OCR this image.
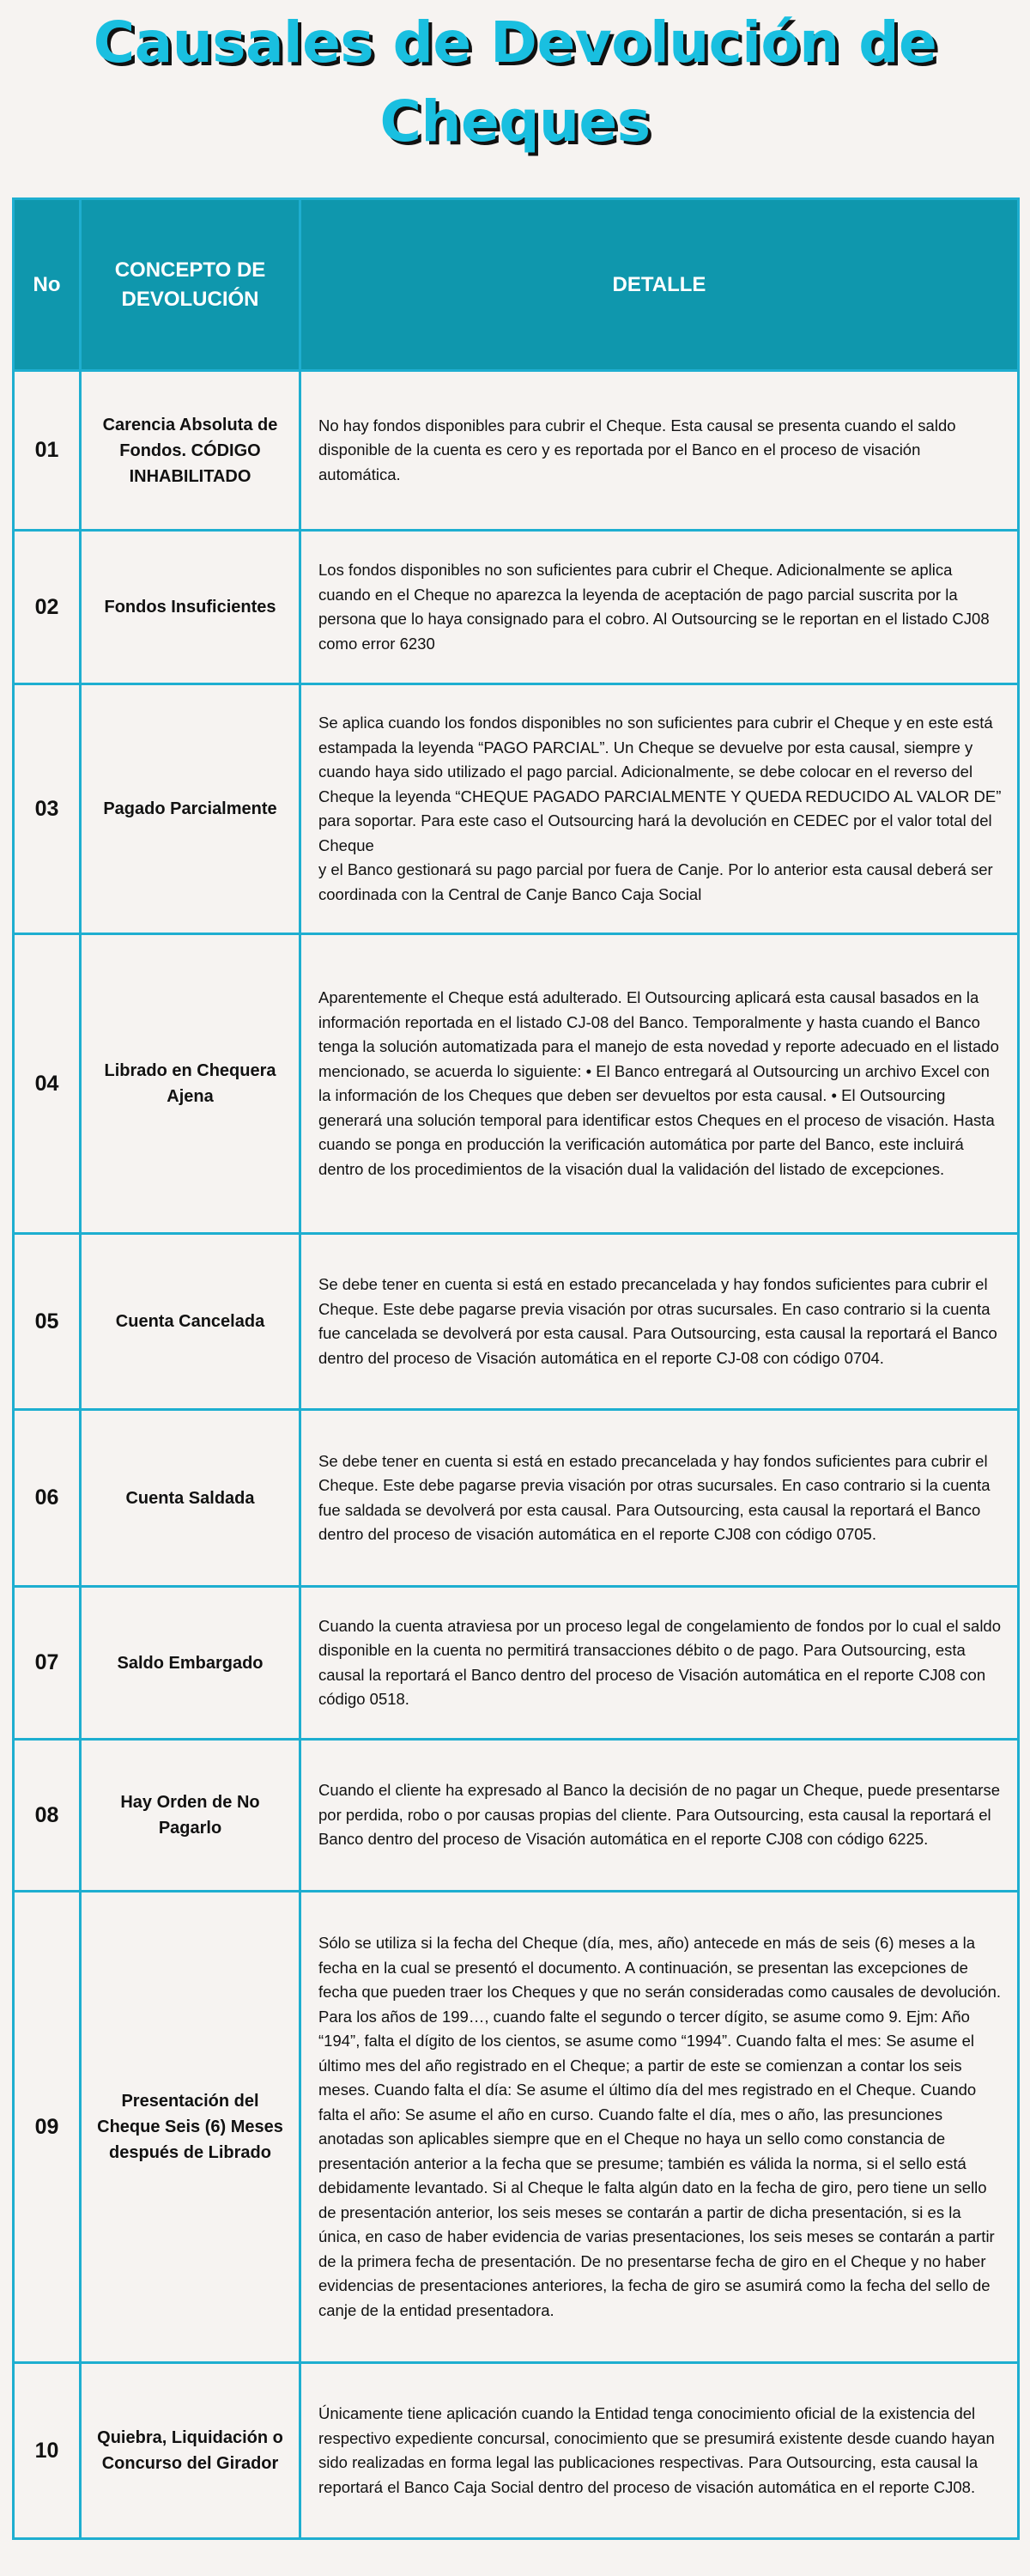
Causales de Devolución de Cheques
No	CONCEPTO DE DEVOLUCIÓN	DETALLE
01	Carencia Absoluta de Fondos. CÓDIGO INHABILITADO	No hay fondos disponibles para cubrir el Cheque. Esta causal se presenta cuando el saldo disponible de la cuenta es cero y es reportada por el Banco en el proceso de visación automática.
02	Fondos Insuficientes	Los fondos disponibles no son suficientes para cubrir el Cheque. Adicionalmente se aplica cuando en el Cheque no aparezca la leyenda de aceptación de pago parcial suscrita por la persona que lo haya consignado para el cobro. Al Outsourcing se le reportan en el listado CJ08 como error 6230
03	Pagado Parcialmente	Se aplica cuando los fondos disponibles no son suficientes para cubrir el Cheque y en este está estampada la leyenda “PAGO PARCIAL”. Un Cheque se devuelve por esta causal, siempre y cuando haya sido utilizado el pago parcial. Adicionalmente, se debe colocar en el reverso del Cheque la leyenda “CHEQUE PAGADO PARCIALMENTE Y QUEDA REDUCIDO AL VALOR DE” para soportar. Para este caso el Outsourcing hará la devolución en CEDEC por el valor total del Cheque
y el Banco gestionará su pago parcial por fuera de Canje. Por lo anterior esta causal deberá ser coordinada con la Central de Canje Banco Caja Social
04	Librado en Chequera Ajena	Aparentemente el Cheque está adulterado. El Outsourcing aplicará esta causal basados en la información reportada en el listado CJ-08 del Banco. Temporalmente y hasta cuando el Banco tenga la solución automatizada para el manejo de esta novedad y reporte adecuado en el listado mencionado, se acuerda lo siguiente: • El Banco entregará al Outsourcing un archivo Excel con la información de los Cheques que deben ser devueltos por esta causal. • El Outsourcing generará una solución temporal para identificar estos Cheques en el proceso de visación. Hasta cuando se ponga en producción la verificación automática por parte del Banco, este incluirá dentro de los procedimientos de la visación dual la validación del listado de excepciones.
05	Cuenta Cancelada	Se debe tener en cuenta si está en estado precancelada y hay fondos suficientes para cubrir el Cheque. Este debe pagarse previa visación por otras sucursales. En caso contrario si la cuenta fue cancelada se devolverá por esta causal. Para Outsourcing, esta causal la reportará el Banco dentro del proceso de Visación automática en el reporte CJ-08 con código 0704.
06	Cuenta Saldada	Se debe tener en cuenta si está en estado precancelada y hay fondos suficientes para cubrir el Cheque. Este debe pagarse previa visación por otras sucursales. En caso contrario si la cuenta fue saldada se devolverá por esta causal. Para Outsourcing, esta causal la reportará el Banco dentro del proceso de visación automática en el reporte CJ08 con código 0705.
07	Saldo Embargado	Cuando la cuenta atraviesa por un proceso legal de congelamiento de fondos por lo cual el saldo disponible en la cuenta no permitirá transacciones débito o de pago. Para Outsourcing, esta causal la reportará el Banco dentro del proceso de Visación automática en el reporte CJ08 con código 0518.
08	Hay Orden de No Pagarlo	Cuando el cliente ha expresado al Banco la decisión de no pagar un Cheque, puede presentarse por perdida, robo o por causas propias del cliente. Para Outsourcing, esta causal la reportará el Banco dentro del proceso de Visación automática en el reporte CJ08 con código 6225.
09	Presentación del Cheque Seis (6) Meses después de Librado	Sólo se utiliza si la fecha del Cheque (día, mes, año) antecede en más de seis (6) meses a la fecha en la cual se presentó el documento. A continuación, se presentan las excepciones de fecha que pueden traer los Cheques y que no serán consideradas como causales de devolución. Para los años de 199…, cuando falte el segundo o tercer dígito, se asume como 9. Ejm: Año “194”, falta el dígito de los cientos, se asume como “1994”. Cuando falta el mes: Se asume el último mes del año registrado en el Cheque; a partir de este se comienzan a contar los seis meses. Cuando falta el día: Se asume el último día del mes registrado en el Cheque. Cuando falta el año: Se asume el año en curso. Cuando falte el día, mes o año, las presunciones anotadas son aplicables siempre que en el Cheque no haya un sello como constancia de presentación anterior a la fecha que se presume; también es válida la norma, si el sello está debidamente levantado. Si al Cheque le falta algún dato en la fecha de giro, pero tiene un sello de presentación anterior, los seis meses se contarán a partir de dicha presentación, si es la única, en caso de haber evidencia de varias presentaciones, los seis meses se contarán a partir de la primera fecha de presentación. De no presentarse fecha de giro en el Cheque y no haber evidencias de presentaciones anteriores, la fecha de giro se asumirá como la fecha del sello de canje de la entidad presentadora.
10	Quiebra, Liquidación o Concurso del Girador	Únicamente tiene aplicación cuando la Entidad tenga conocimiento oficial de la existencia del respectivo expediente concursal, conocimiento que se presumirá existente desde cuando hayan sido realizadas en forma legal las publicaciones respectivas. Para Outsourcing, esta causal la reportará el Banco Caja Social dentro del proceso de visación automática en el reporte CJ08.
